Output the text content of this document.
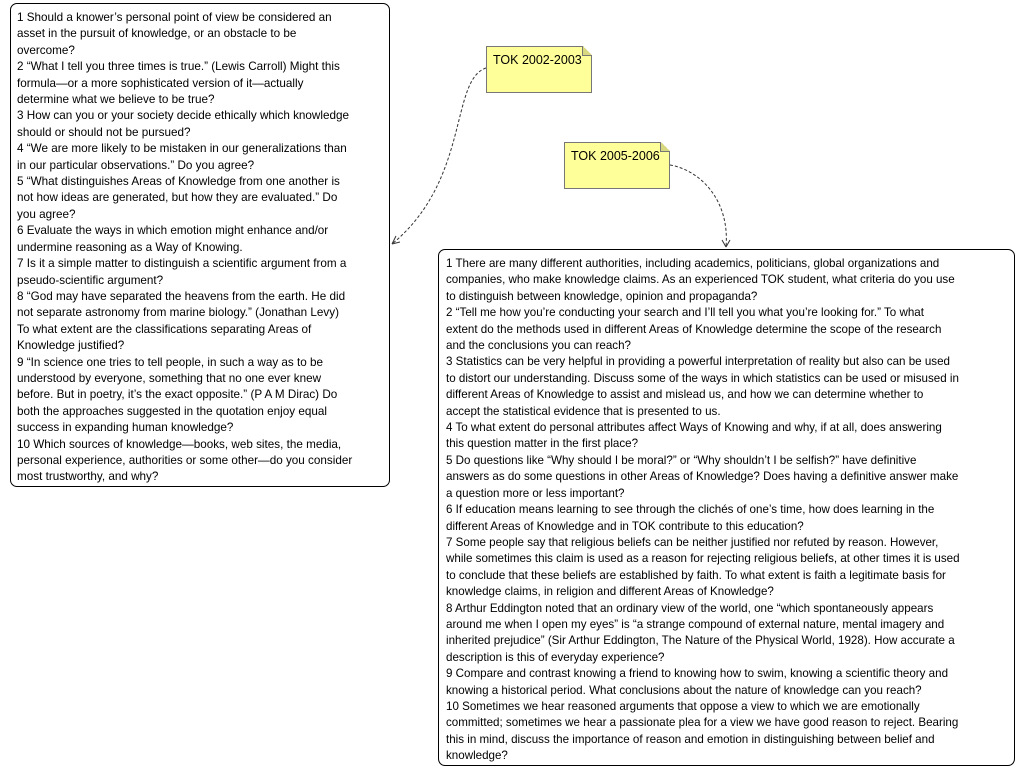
TOK 2002-2003
TOK 2005-2006
1 Should a knower’s personal point of view be considered an
asset in the pursuit of knowledge, or an obstacle to be
overcome?
2 “What I tell you three times is true.” (Lewis Carroll) Might this
formula—or a more sophisticated version of it—actually
determine what we believe to be true?
3 How can you or your society decide ethically which knowledge
should or should not be pursued?
4 “We are more likely to be mistaken in our generalizations than
in our particular observations.” Do you agree?
5 “What distinguishes Areas of Knowledge from one another is
not how ideas are generated, but how they are evaluated.” Do
you agree?
6 Evaluate the ways in which emotion might enhance and/or
undermine reasoning as a Way of Knowing.
7 Is it a simple matter to distinguish a scientific argument from a
pseudo-scientific argument?
8 “God may have separated the heavens from the earth. He did
not separate astronomy from marine biology.” (Jonathan Levy)
To what extent are the classifications separating Areas of
Knowledge justified?
9 “In science one tries to tell people, in such a way as to be
understood by everyone, something that no one ever knew
before. But in poetry, it’s the exact opposite.” (P A M Dirac) Do
both the approaches suggested in the quotation enjoy equal
success in expanding human knowledge?
10 Which sources of knowledge—books, web sites, the media,
personal experience, authorities or some other—do you consider
most trustworthy, and why?
1 There are many different authorities, including academics, politicians, global organizations and
companies, who make knowledge claims. As an experienced TOK student, what criteria do you use
to distinguish between knowledge, opinion and propaganda?
2 “Tell me how you’re conducting your search and I’ll tell you what you’re looking for.” To what
extent do the methods used in different Areas of Knowledge determine the scope of the research
and the conclusions you can reach?
3 Statistics can be very helpful in providing a powerful interpretation of reality but also can be used
to distort our understanding. Discuss some of the ways in which statistics can be used or misused in
different Areas of Knowledge to assist and mislead us, and how we can determine whether to
accept the statistical evidence that is presented to us.
4 To what extent do personal attributes affect Ways of Knowing and why, if at all, does answering
this question matter in the first place?
5 Do questions like “Why should I be moral?” or “Why shouldn’t I be selfish?” have definitive
answers as do some questions in other Areas of Knowledge? Does having a definitive answer make
a question more or less important?
6 If education means learning to see through the clichés of one’s time, how does learning in the
different Areas of Knowledge and in TOK contribute to this education?
7 Some people say that religious beliefs can be neither justified nor refuted by reason. However,
while sometimes this claim is used as a reason for rejecting religious beliefs, at other times it is used
to conclude that these beliefs are established by faith. To what extent is faith a legitimate basis for
knowledge claims, in religion and different Areas of Knowledge?
8 Arthur Eddington noted that an ordinary view of the world, one “which spontaneously appears
around me when I open my eyes” is “a strange compound of external nature, mental imagery and
inherited prejudice” (Sir Arthur Eddington, The Nature of the Physical World, 1928). How accurate a
description is this of everyday experience?
9 Compare and contrast knowing a friend to knowing how to swim, knowing a scientific theory and
knowing a historical period. What conclusions about the nature of knowledge can you reach?
10 Sometimes we hear reasoned arguments that oppose a view to which we are emotionally
committed; sometimes we hear a passionate plea for a view we have good reason to reject. Bearing
this in mind, discuss the importance of reason and emotion in distinguishing between belief and
knowledge?
